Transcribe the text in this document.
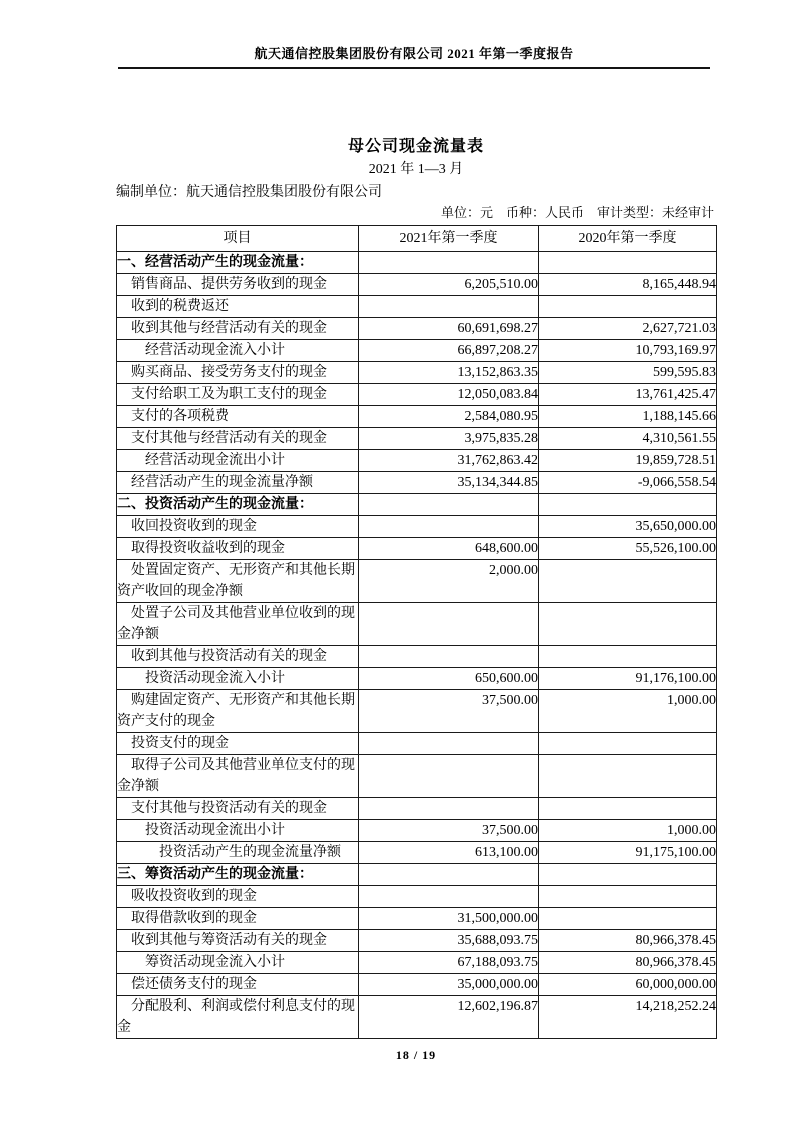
航天通信控股集团股份有限公司 2021 年第一季度报告
母公司现金流量表
2021 年 1—3 月
编制单位：航天通信控股集团股份有限公司
单位：元　币种：人民币　审计类型：未经审计
项目	2021年第一季度	2020年第一季度
一、经营活动产生的现金流量：		
销售商品、提供劳务收到的现金	6,205,510.00	8,165,448.94
收到的税费返还		
收到其他与经营活动有关的现金	60,691,698.27	2,627,721.03
经营活动现金流入小计	66,897,208.27	10,793,169.97
购买商品、接受劳务支付的现金	13,152,863.35	599,595.83
支付给职工及为职工支付的现金	12,050,083.84	13,761,425.47
支付的各项税费	2,584,080.95	1,188,145.66
支付其他与经营活动有关的现金	3,975,835.28	4,310,561.55
经营活动现金流出小计	31,762,863.42	19,859,728.51
经营活动产生的现金流量净额	35,134,344.85	-9,066,558.54
二、投资活动产生的现金流量：		
收回投资收到的现金		35,650,000.00
取得投资收益收到的现金	648,600.00	55,526,100.00
处置固定资产、无形资产和其他长期资产收回的现金净额	2,000.00	
处置子公司及其他营业单位收到的现金净额		
收到其他与投资活动有关的现金		
投资活动现金流入小计	650,600.00	91,176,100.00
购建固定资产、无形资产和其他长期资产支付的现金	37,500.00	1,000.00
投资支付的现金		
取得子公司及其他营业单位支付的现金净额		
支付其他与投资活动有关的现金		
投资活动现金流出小计	37,500.00	1,000.00
投资活动产生的现金流量净额	613,100.00	91,175,100.00
三、筹资活动产生的现金流量：		
吸收投资收到的现金		
取得借款收到的现金	31,500,000.00	
收到其他与筹资活动有关的现金	35,688,093.75	80,966,378.45
筹资活动现金流入小计	67,188,093.75	80,966,378.45
偿还债务支付的现金	35,000,000.00	60,000,000.00
分配股利、利润或偿付利息支付的现金	12,602,196.87	14,218,252.24
18 / 19
